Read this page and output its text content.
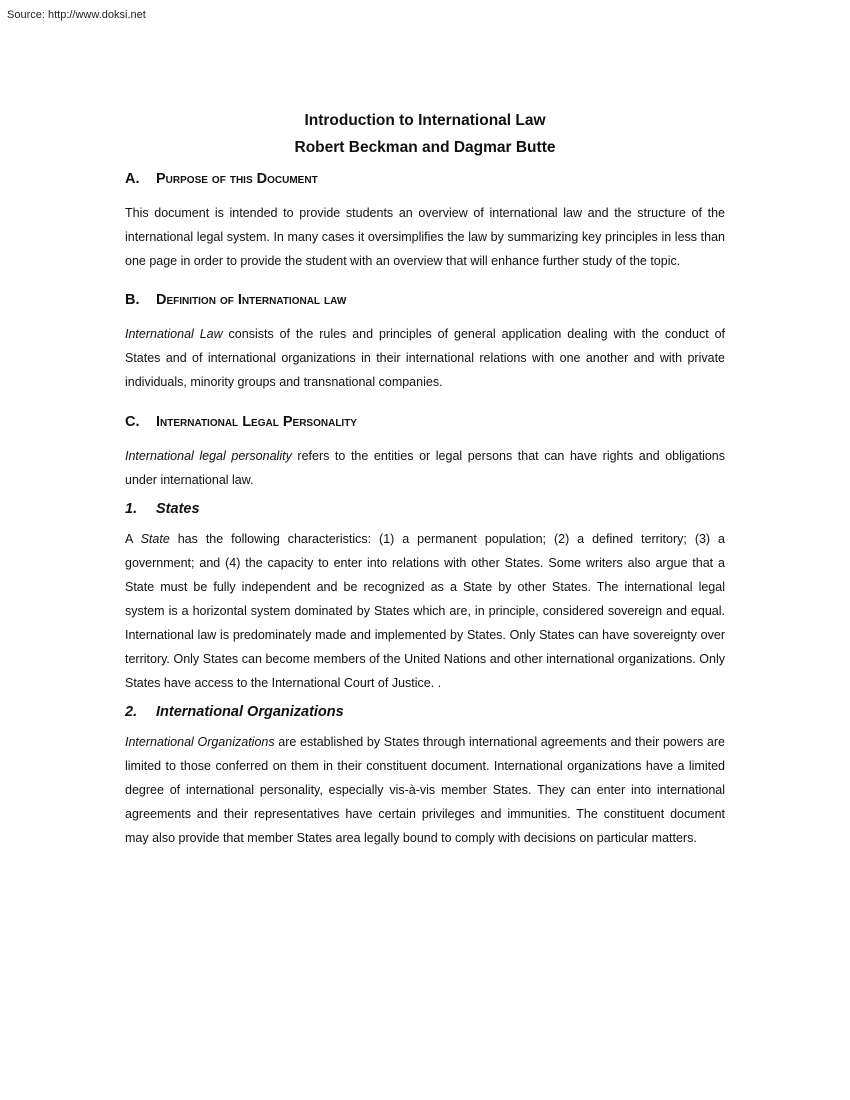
Source: http://www.doksi.net
Introduction to International Law
Robert Beckman and Dagmar Butte
A.	Purpose of this Document

This document is intended to provide students an overview of international law and the structure of the international legal system. In many cases it oversimplifies the law by summarizing key principles in less than one page in order to provide the student with an overview that will enhance further study of the topic.

B.	Definition of International law

International Law consists of the rules and principles of general application dealing with the conduct of States and of international organizations in their international relations with one another and with private individuals, minority groups and transnational companies.

C.	International Legal Personality

International legal personality refers to the entities or legal persons that can have rights and obligations under international law.

1.	States

A State has the following characteristics: (1) a permanent population; (2) a defined territory; (3) a government; and (4) the capacity to enter into relations with other States. Some writers also argue that a State must be fully independent and be recognized as a State by other States. The international legal system is a horizontal system dominated by States which are, in principle, considered sovereign and equal. International law is predominately made and implemented by States. Only States can have sovereignty over territory. Only States can become members of the United Nations and other international organizations. Only States have access to the International Court of Justice. .

2.	International Organizations

International Organizations are established by States through international agreements and their powers are limited to those conferred on them in their constituent document. International organizations have a limited degree of international personality, especially vis-à-vis member States. They can enter into international agreements and their representatives have certain privileges and immunities. The constituent document may also provide that member States area legally bound to comply with decisions on particular matters.
